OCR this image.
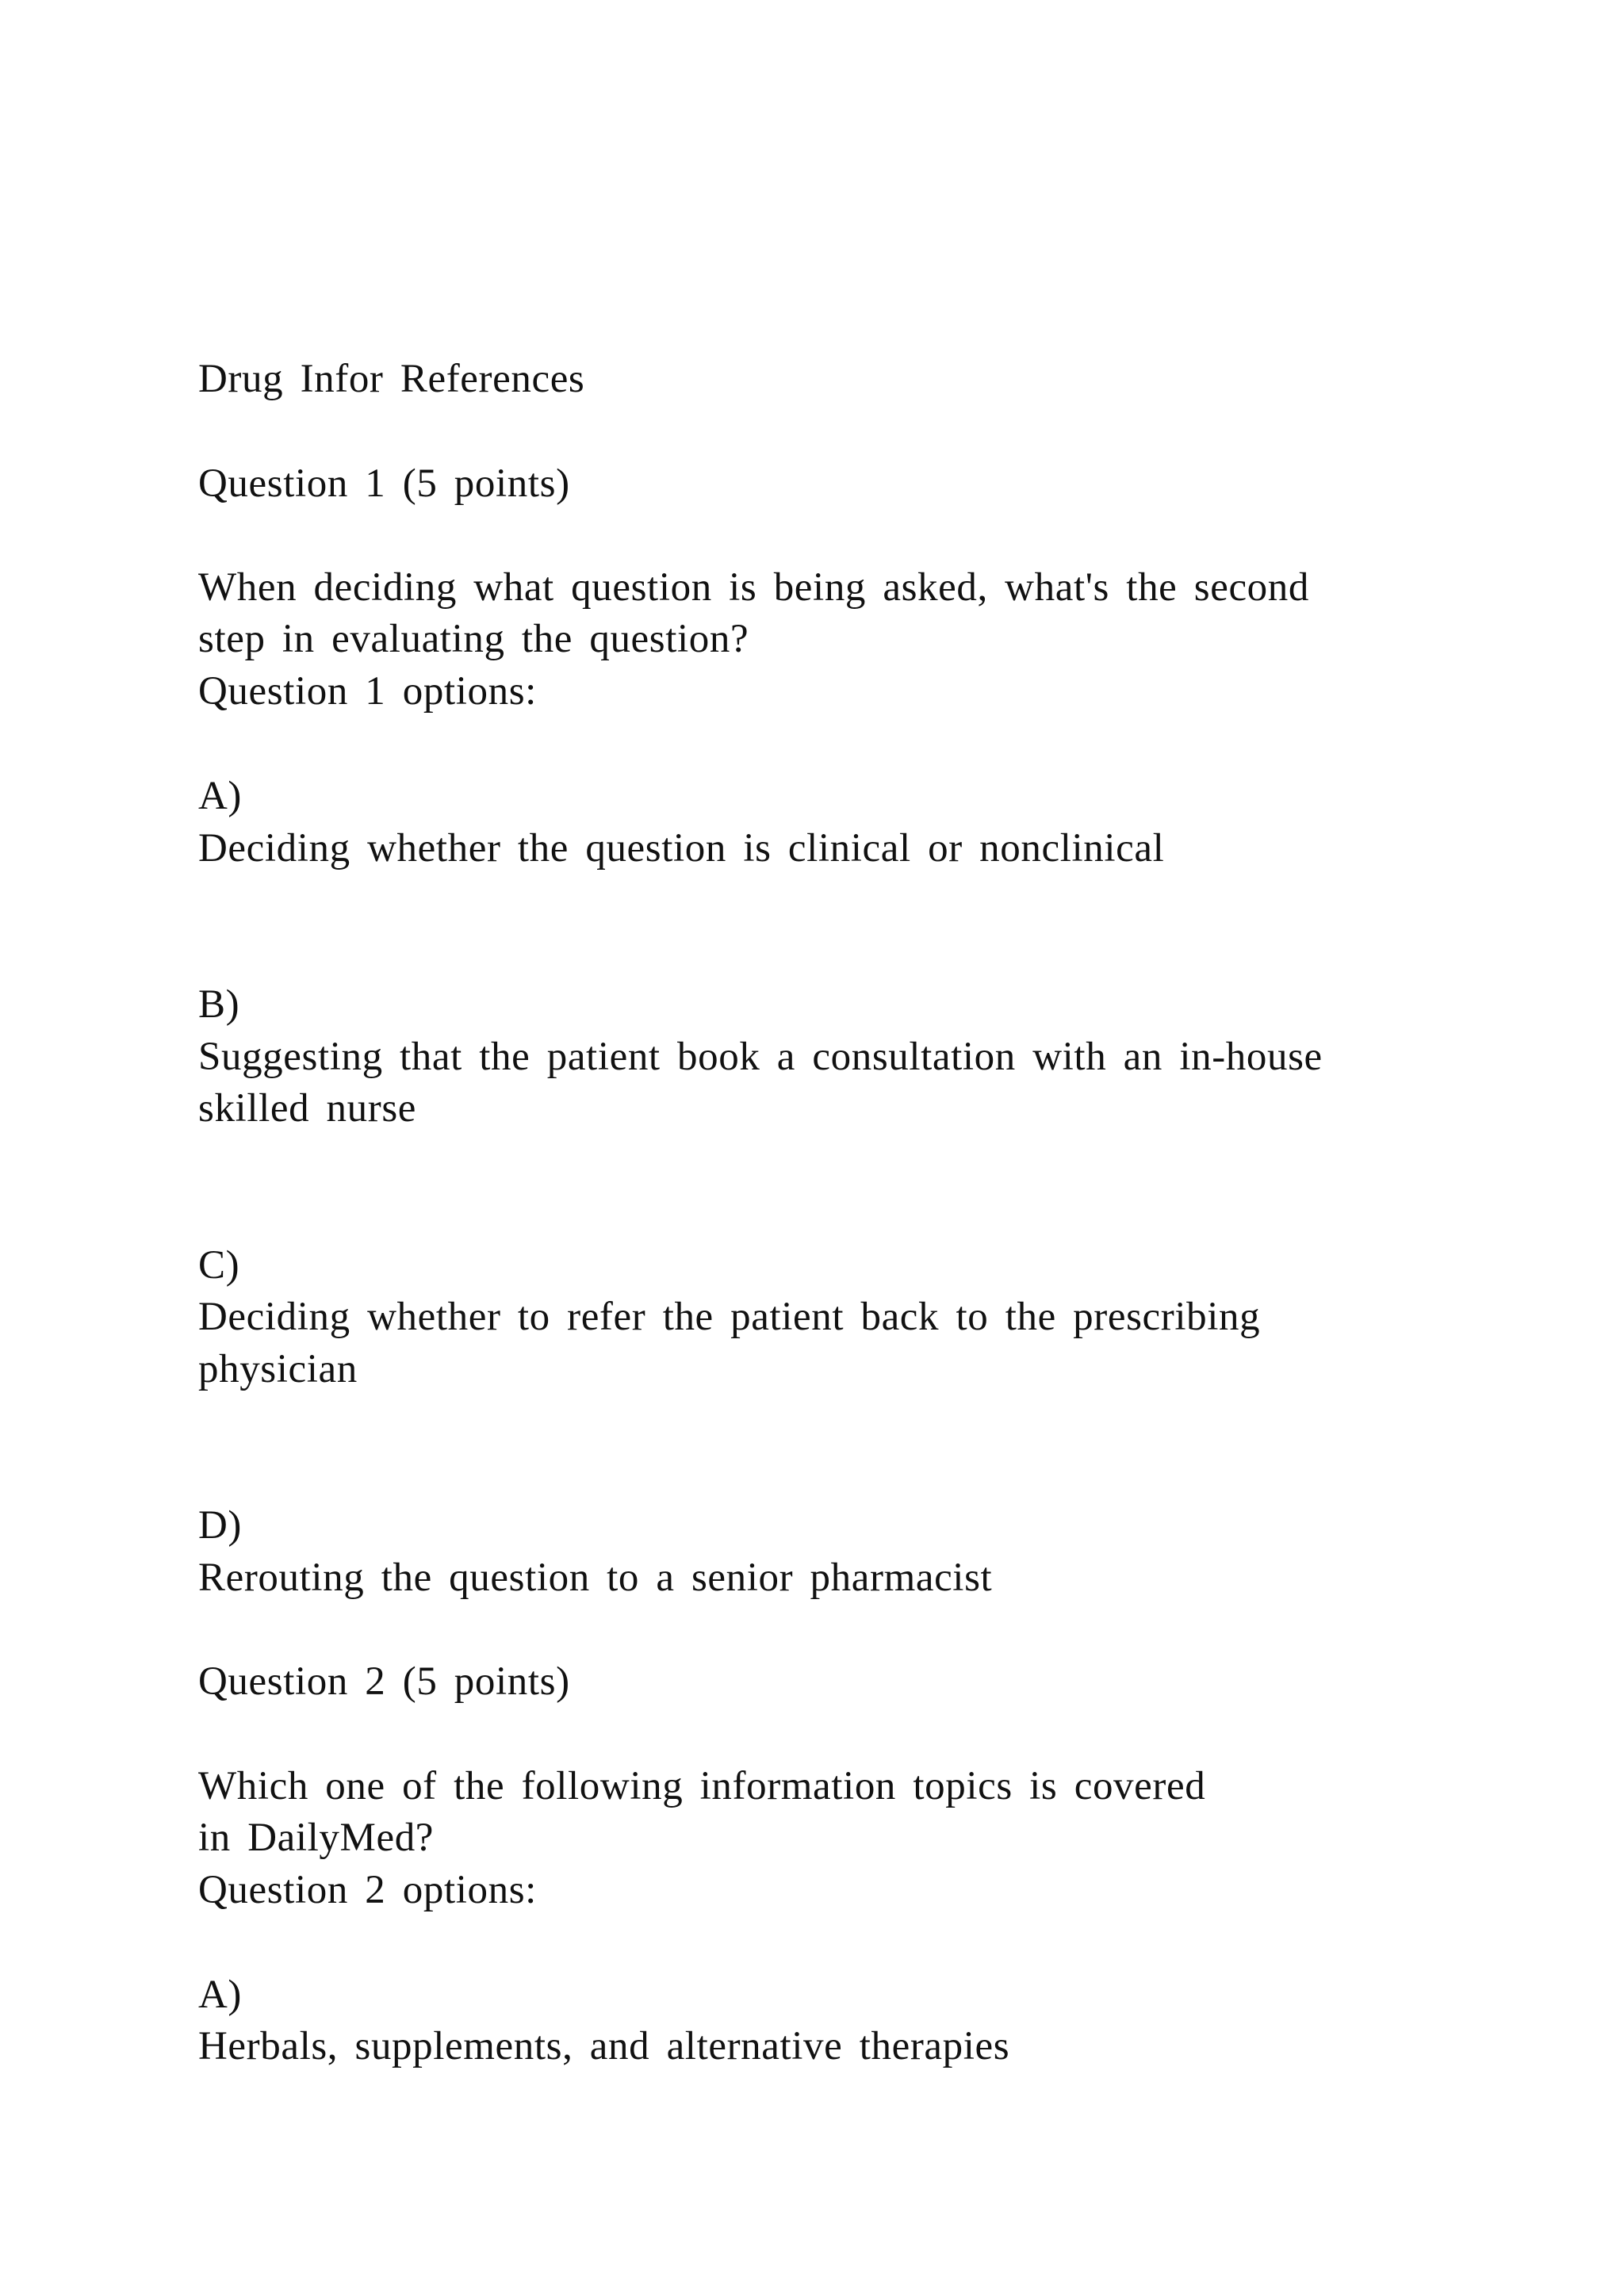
Drug Infor References

Question 1 (5 points)

When deciding what question is being asked, what's the second

step in evaluating the question?

Question 1 options:

A)

Deciding whether the question is clinical or nonclinical

B)

Suggesting that the patient book a consultation with an in-house

skilled nurse

C)

Deciding whether to refer the patient back to the prescribing

physician

D)

Rerouting the question to a senior pharmacist

Question 2 (5 points)

Which one of the following information topics is covered

in DailyMed?

Question 2 options:

A)

Herbals, supplements, and alternative therapies
